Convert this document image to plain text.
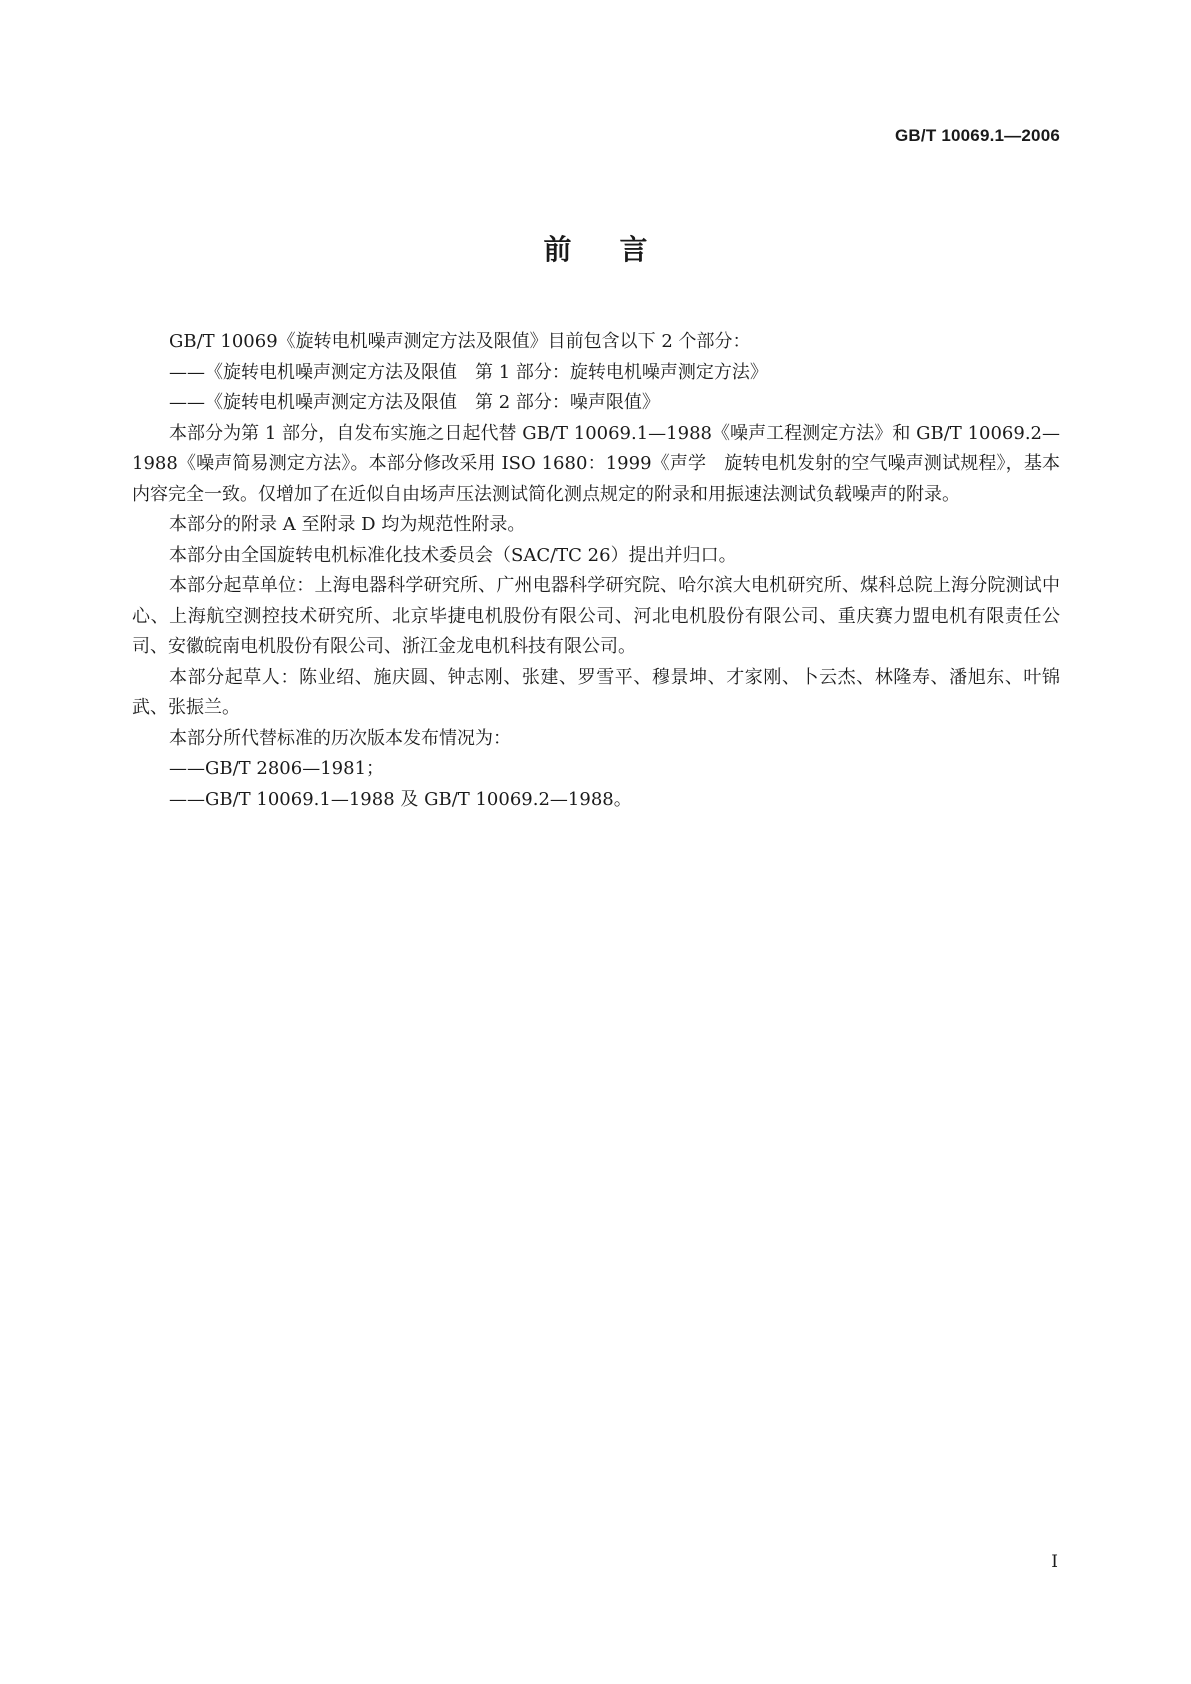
GB/T 10069.1—2006
前言

GB/T 10069《旋转电机噪声测定方法及限值》目前包含以下 2 个部分：

——《旋转电机噪声测定方法及限值　第 1 部分：旋转电机噪声测定方法》

——《旋转电机噪声测定方法及限值　第 2 部分：噪声限值》

本部分为第 1 部分，自发布实施之日起代替 GB/T 10069.1—1988《噪声工程测定方法》和 GB/T 10069.2—1988《噪声简易测定方法》。本部分修改采用 ISO 1680：1999《声学　旋转电机发射的空气噪声测试规程》，基本内容完全一致。仅增加了在近似自由场声压法测试简化测点规定的附录和用振速法测试负载噪声的附录。

本部分的附录 A 至附录 D 均为规范性附录。

本部分由全国旋转电机标准化技术委员会（SAC/TC 26）提出并归口。

本部分起草单位：上海电器科学研究所、广州电器科学研究院、哈尔滨大电机研究所、煤科总院上海分院测试中心、上海航空测控技术研究所、北京毕捷电机股份有限公司、河北电机股份有限公司、重庆赛力盟电机有限责任公司、安徽皖南电机股份有限公司、浙江金龙电机科技有限公司。

本部分起草人：陈业绍、施庆圆、钟志刚、张建、罗雪平、穆景坤、才家刚、卜云杰、林隆寿、潘旭东、叶锦武、张振兰。

本部分所代替标准的历次版本发布情况为：

——GB/T 2806—1981；

——GB/T 10069.1—1988 及 GB/T 10069.2—1988。

I
